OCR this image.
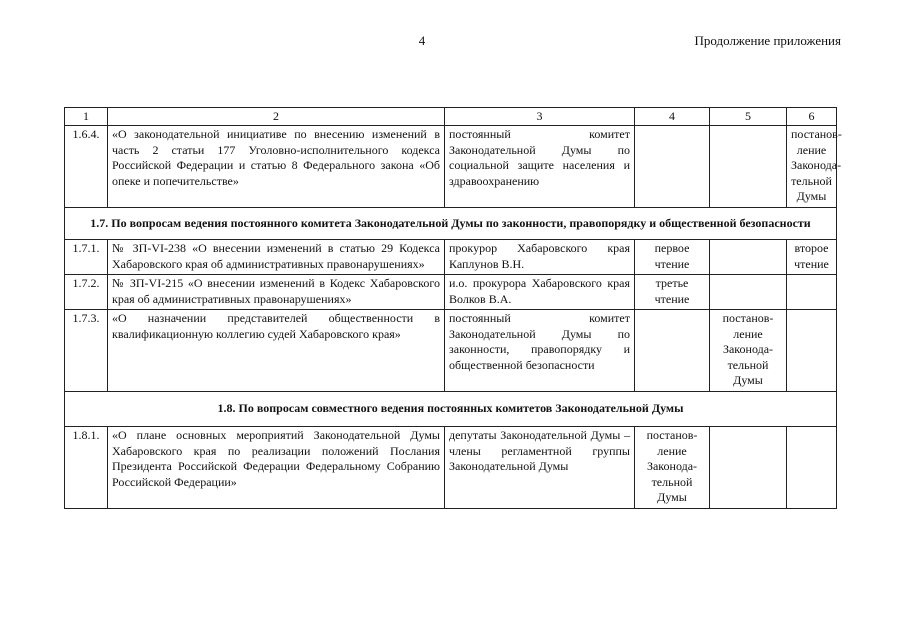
4	Продолжение приложения
1	2	3	4	5	6
1.6.4.	«О законодательной инициативе по внесению изменений в часть 2 статьи 177 Уголовно-исполнительного кодекса Российской Федерации и статью 8 Федерального закона «Об опеке и попечительстве»	постоянный комитет Законодательной Думы по социальной защите населения и здравоохранению			постанов-ление Законода-тельной Думы
1.7. По вопросам ведения постоянного комитета Законодательной Думы по законности, правопорядку и общественной безопасности					
1.7.1.	№ ЗП-VI-238 «О внесении изменений в статью 29 Кодекса Хабаровского края об административных правонарушениях»	прокурор Хабаровского края Каплунов В.Н.	первое чтение		второе чтение
1.7.2.	№ ЗП-VI-215 «О внесении изменений в Кодекс Хабаровского края об административных правонарушениях»	и.о. прокурора Хабаровского края Волков В.А.	третье чтение		
1.7.3.	«О назначении представителей общественности в квалификационную коллегию судей Хабаровского края»	постоянный комитет Законодательной Думы по законности, правопорядку и общественной безопасности		постанов-ление Законода-тельной Думы	
1.8. По вопросам совместного ведения постоянных комитетов Законодательной Думы					
1.8.1.	«О плане основных мероприятий Законодательной Думы Хабаровского края по реализации положений Послания Президента Российской Федерации Федеральному Собранию Российской Федерации»	депутаты Законодательной Думы – члены регламентной группы Законодательной Думы	постанов-ление Законода-тельной Думы		
